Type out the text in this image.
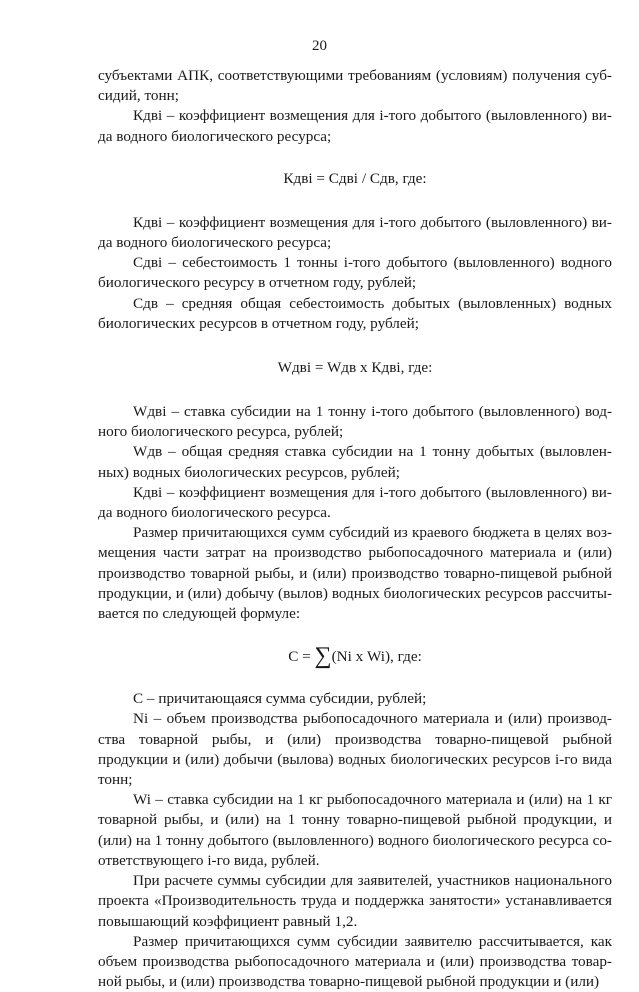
20

субъектами АПК, соответствующими требованиям (условиям) получения суб-сидий, тонн;

Кдвi – коэффициент возмещения для i-того добытого (выловленного) ви-да водного биологического ресурса;

Кдвi = Сдвi / Сдв, где:

Кдвi – коэффициент возмещения для i-того добытого (выловленного) ви-да водного биологического ресурса;

Сдвi – себестоимость 1 тонны i-того добытого (выловленного) водного биологического ресурсу в отчетном году, рублей;

Сдв – средняя общая себестоимость добытых (выловленных) водных биологических ресурсов в отчетном году, рублей;

Wдвi = Wдв х Кдвi, где:

Wдвi – ставка субсидии на 1 тонну i-того добытого (выловленного) вод-ного биологического ресурса, рублей;

Wдв – общая средняя ставка субсидии на 1 тонну добытых (выловлен-ных) водных биологических ресурсов, рублей;

Кдвi – коэффициент возмещения для i-того добытого (выловленного) ви-да водного биологического ресурса.

Размер причитающихся сумм субсидий из краевого бюджета в целях воз-мещения части затрат на производство рыбопосадочного материала и (или) производство товарной рыбы, и (или) производство товарно-пищевой рыбной продукции, и (или) добычу (вылов) водных биологических ресурсов рассчиты-вается по следующей формуле:

С = ∑(Ni х Wi), где:

С – причитающаяся сумма субсидии, рублей;

Ni – объем производства рыбопосадочного материала и (или) производ-ства товарной рыбы, и (или) производства товарно-пищевой рыбной продукции и (или) добычи (вылова) водных биологических ресурсов i-го вида тонн;

Wi – ставка субсидии на 1 кг рыбопосадочного материала и (или) на 1 кг товарной рыбы, и (или) на 1 тонну товарно-пищевой рыбной продукции, и (или) на 1 тонну добытого (выловленного) водного биологического ресурса со-ответствующего i-го вида, рублей.

При расчете суммы субсидии для заявителей, участников национального проекта «Производительность труда и поддержка занятости» устанавливается повышающий коэффициент равный 1,2.

Размер причитающихся сумм субсидии заявителю рассчитывается, как объем производства рыбопосадочного материала и (или) производства товар-ной рыбы, и (или) производства товарно-пищевой рыбной продукции и (или)
